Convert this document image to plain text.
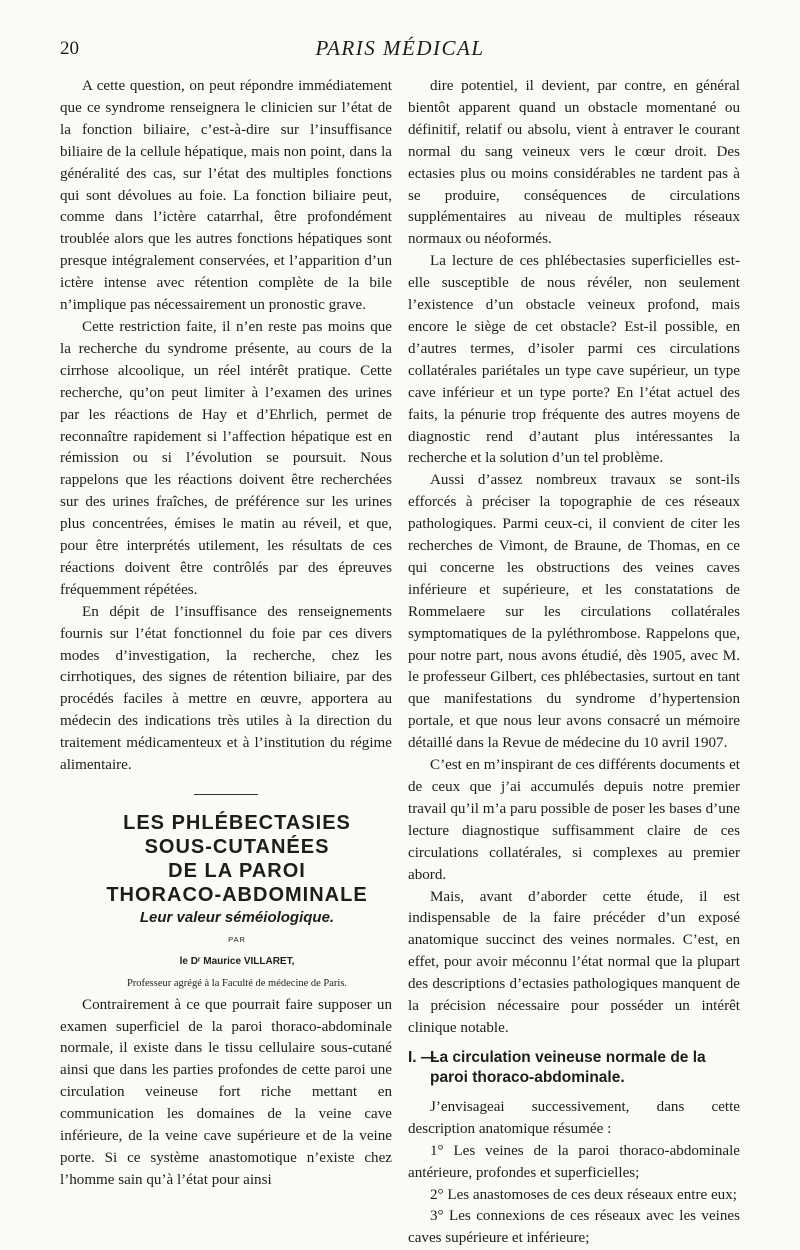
20	PARIS MÉDICAL

A cette question, on peut répondre immédiatement que ce syndrome renseignera le clinicien sur l’état de la fonction biliaire, c’est-à-dire sur l’insuffisance biliaire de la cellule hépatique, mais non point, dans la généralité des cas, sur l’état des multiples fonctions qui sont dévolues au foie. La fonction biliaire peut, comme dans l’ictère catarrhal, être profondément troublée alors que les autres fonctions hépatiques sont presque intégralement conservées, et l’apparition d’un ictère intense avec rétention complète de la bile n’implique pas nécessairement un pronostic grave.

Cette restriction faite, il n’en reste pas moins que la recherche du syndrome présente, au cours de la cirrhose alcoolique, un réel intérêt pratique. Cette recherche, qu’on peut limiter à l’examen des urines par les réactions de Hay et d’Ehrlich, permet de reconnaître rapidement si l’affection hépatique est en rémission ou si l’évolution se poursuit. Nous rappelons que les réactions doivent être recherchées sur des urines fraîches, de préférence sur les urines plus concentrées, émises le matin au réveil, et que, pour être interprétés utilement, les résultats de ces réactions doivent être contrôlés par des épreuves fréquemment répétées.

En dépit de l’insuffisance des renseignements fournis sur l’état fonctionnel du foie par ces divers modes d’investigation, la recherche, chez les cirrhotiques, des signes de rétention biliaire, par des procédés faciles à mettre en œuvre, apportera au médecin des indications très utiles à la direction du traitement médicamenteux et à l’institution du régime alimentaire.

LES PHLÉBECTASIES

SOUS-CUTANÉES

DE LA PAROI

THORACO-ABDOMINALE

Leur valeur séméiologique.

PAR

le Dʳ Maurice VILLARET,

Professeur agrégé à la Faculté de médecine de Paris.

Contrairement à ce que pourrait faire supposer un examen superficiel de la paroi thoraco-abdominale normale, il existe dans le tissu cellulaire sous-cutané ainsi que dans les parties profondes de cette paroi une circulation veineuse fort riche mettant en communication les domaines de la veine cave inférieure, de la veine cave supérieure et de la veine porte. Si ce système anastomotique n’existe chez l’homme sain qu’à l’état pour ainsi

dire potentiel, il devient, par contre, en général bientôt apparent quand un obstacle momentané ou définitif, relatif ou absolu, vient à entraver le courant normal du sang veineux vers le cœur droit. Des ectasies plus ou moins considérables ne tardent pas à se produire, conséquences de circulations supplémentaires au niveau de multiples réseaux normaux ou néoformés.

La lecture de ces phlébectasies superficielles est-elle susceptible de nous révéler, non seulement l’existence d’un obstacle veineux profond, mais encore le siège de cet obstacle? Est-il possible, en d’autres termes, d’isoler parmi ces circulations collatérales pariétales un type cave supérieur, un type cave inférieur et un type porte? En l’état actuel des faits, la pénurie trop fréquente des autres moyens de diagnostic rend d’autant plus intéressantes la recherche et la solution d’un tel problème.

Aussi d’assez nombreux travaux se sont-ils efforcés à préciser la topographie de ces réseaux pathologiques. Parmi ceux-ci, il convient de citer les recherches de Vimont, de Braune, de Thomas, en ce qui concerne les obstructions des veines caves inférieure et supérieure, et les constatations de Rommelaere sur les circulations collatérales symptomatiques de la pyléthrombose. Rappelons que, pour notre part, nous avons étudié, dès 1905, avec M. le professeur Gilbert, ces phlébectasies, surtout en tant que manifestations du syndrome d’hypertension portale, et que nous leur avons consacré un mémoire détaillé dans la Revue de médecine du 10 avril 1907.

C’est en m’inspirant de ces différents documents et de ceux que j’ai accumulés depuis notre premier travail qu’il m’a paru possible de poser les bases d’une lecture diagnostique suffisamment claire de ces circulations collatérales, si complexes au premier abord.

Mais, avant d’aborder cette étude, il est indispensable de la faire précéder d’un exposé anatomique succinct des veines normales. C’est, en effet, pour avoir méconnu l’état normal que la plupart des descriptions d’ectasies pathologiques manquent de la précision nécessaire pour posséder un intérêt clinique notable.

I. —
La circulation veineuse normale de la paroi thoraco-abdominale.

J’envisageai successivement, dans cette description anatomique résumée :

1° Les veines de la paroi thoraco-abdominale antérieure, profondes et superficielles;

2° Les anastomoses de ces deux réseaux entre eux;

3° Les connexions de ces réseaux avec les veines caves supérieure et inférieure;
